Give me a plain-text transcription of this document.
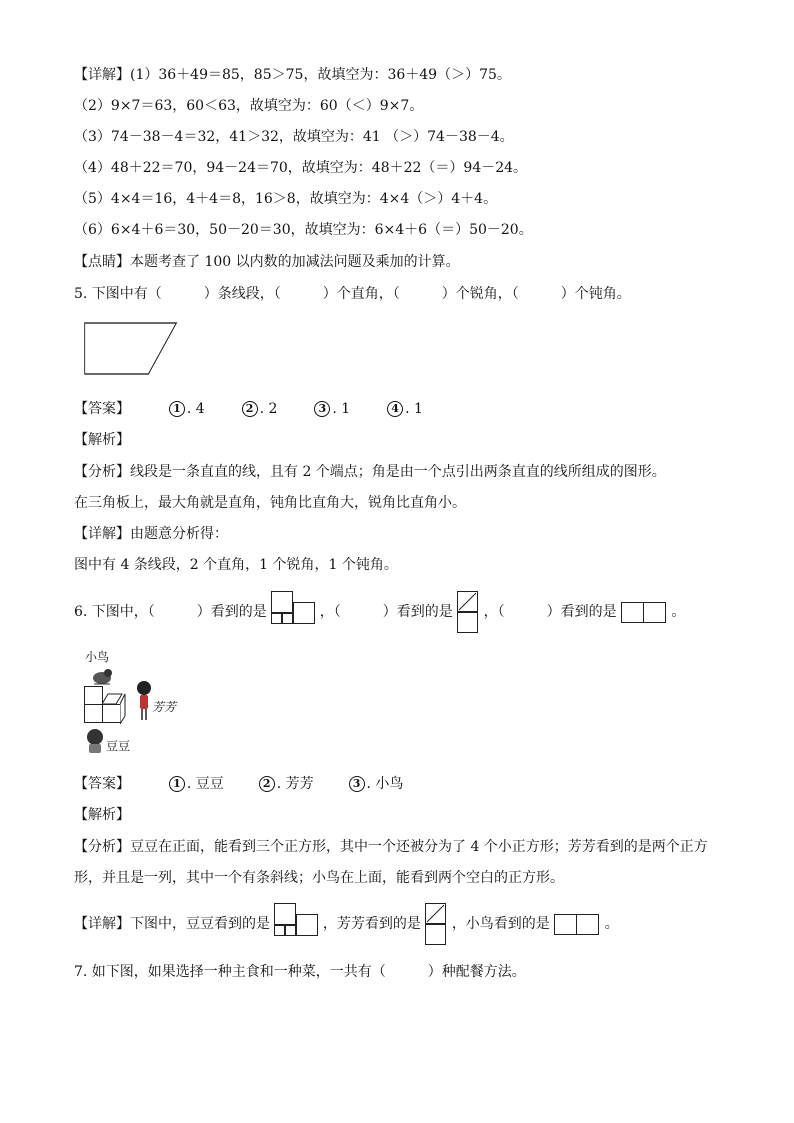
【详解】(1）36＋49＝85，85＞75，故填空为：36＋49（＞）75。
（2）9×7＝63，60＜63，故填空为：60（＜）9×7。
（3）74－38－4＝32，41＞32，故填空为：41 （＞）74－38－4。
（4）48＋22＝70，94－24＝70，故填空为：48＋22（＝）94－24。
（5）4×4＝16，4＋4＝8，16＞8，故填空为：4×4（＞）4＋4。
（6）6×4＋6＝30，50－20＝30，故填空为：6×4＋6（＝）50－20。
【点睛】本题考查了 100 以内数的加减法问题及乘加的计算。
5. 下图中有（　　　）条线段，（　　　）个直角，（　　　）个锐角，（　　　）个钝角。
【答案】	1 . 4	2 . 2	3 . 1	4 . 1
【解析】
【分析】线段是一条直直的线，且有 2 个端点；角是由一个点引出两条直直的线所组成的图形。
在三角板上，最大角就是直角，钝角比直角大，锐角比直角小。
【详解】由题意分析得：
图中有 4 条线段，2 个直角，1 个锐角，1 个钝角。
6. 下图中，（　　　）看到的是	，（　　　）看到的是 ，（　　　）看到的是	。
小鸟
芳芳
豆豆
【答案】	1 . 豆豆	2 . 芳芳	3 . 小鸟
【解析】
【分析】豆豆在正面，能看到三个正方形，其中一个还被分为了 4 个小正方形；芳芳看到的是两个正方
形，并且是一列，其中一个有条斜线；小鸟在上面，能看到两个空白的正方形。
【详解】下图中，豆豆看到的是	，芳芳看到的是 ，小鸟看到的是	。
7. 如下图，如果选择一种主食和一种菜，一共有（　　　）种配餐方法。
